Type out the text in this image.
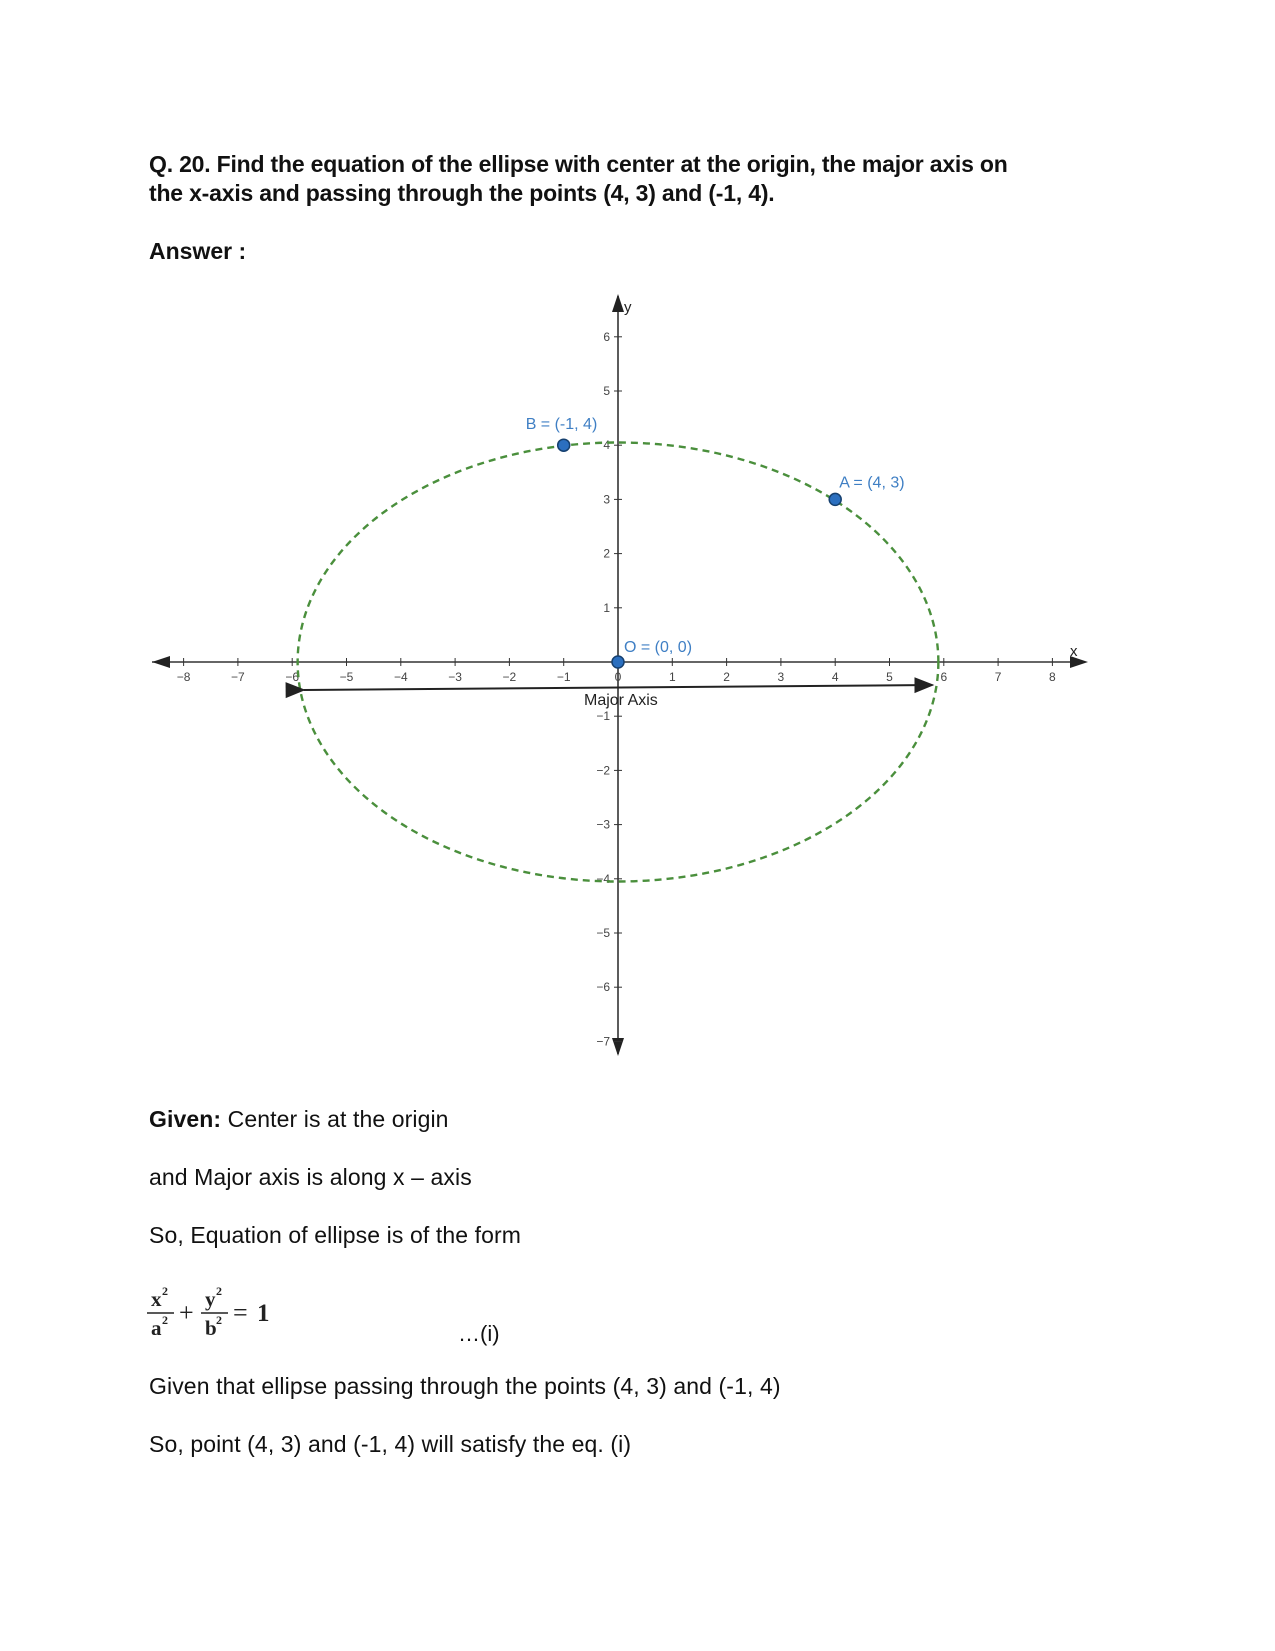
Q. 20. Find the equation of the ellipse with center at the origin, the major axis on
the x-axis and passing through the points (4, 3) and (-1, 4).
Answer :
x
y
−8	−7	−6	−5	−4	−3	−2	−1	0	1	2	3	4	5	6	7	8
6
5
4
3
2
1
−1
−2
−3
−4
−5
−6
−7
Major Axis
B = (-1, 4)
A = (4, 3)
O = (0, 0)
Given: Center is at the origin
and Major axis is along x – axis
So, Equation of ellipse is of the form
x 2
a 2 + y 2
b 2 = 1
…(i)
Given that ellipse passing through the points (4, 3) and (-1, 4)
So, point (4, 3) and (-1, 4) will satisfy the eq. (i)
